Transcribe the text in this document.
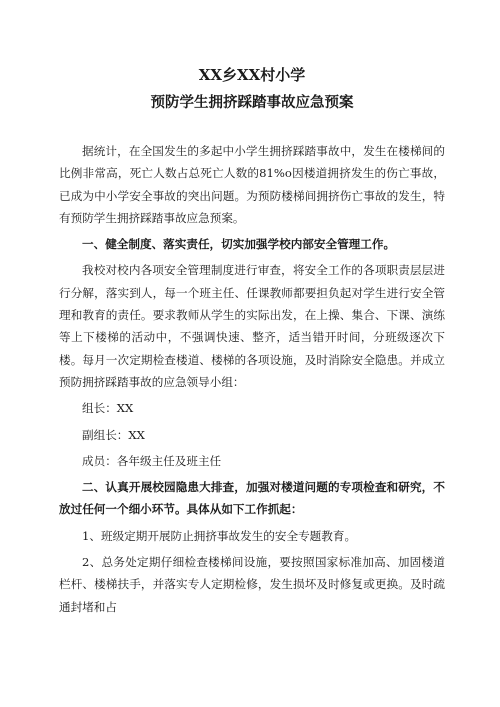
XX乡XX村小学
预防学生拥挤踩踏事故应急预案

据统计，在全国发生的多起中小学生拥挤踩踏事故中，发生在楼梯间的比例非常高，死亡人数占总死亡人数的81%o因楼道拥挤发生的伤亡事故，已成为中小学安全事故的突出问题。为预防楼梯间拥挤伤亡事故的发生，特有预防学生拥挤踩踏事故应急预案。

一、健全制度、落实责任，切实加强学校内部安全管理工作。

我校对校内各项安全管理制度进行审查，将安全工作的各项职责层层进行分解，落实到人，每一个班主任、任课教师都要担负起对学生进行安全管理和教育的责任。要求教师从学生的实际出发，在上操、集合、下课、演练等上下楼梯的活动中，不强调快速、整齐，适当错开时间，分班级逐次下楼。每月一次定期检查楼道、楼梯的各项设施，及时消除安全隐患。并成立预防拥挤踩踏事故的应急领导小组：

组长：XX

副组长：XX

成员：各年级主任及班主任

二、认真开展校园隐患大排查，加强对楼道问题的专项检查和研究，不放过任何一个细小环节。具体从如下工作抓起：

1、班级定期开展防止拥挤事故发生的安全专题教育。

2、总务处定期仔细检查楼梯间设施，要按照国家标准加高、加固楼道栏杆、楼梯扶手，并落实专人定期检修，发生损坏及时修复或更换。及时疏通封堵和占
